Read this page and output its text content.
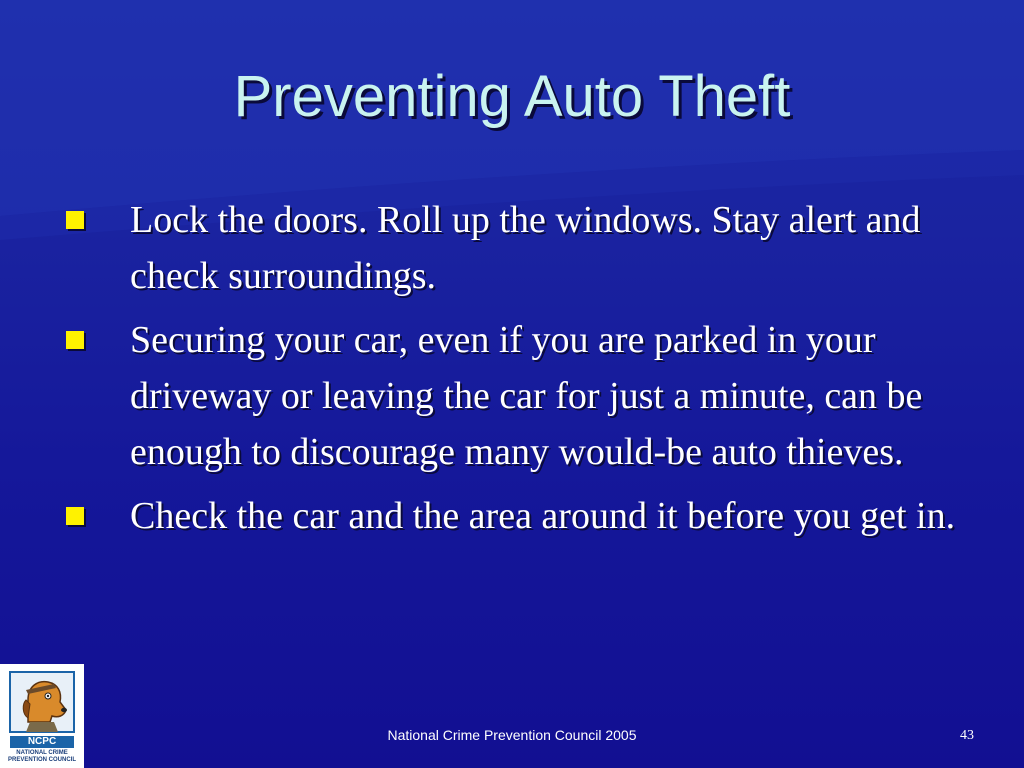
Preventing Auto Theft
Lock the doors. Roll up the windows. Stay alert and check surroundings.
Securing your car, even if you are parked in your driveway or leaving the car for just a minute, can be enough to discourage many would-be auto thieves.
Check the car and the area around it before you get in.
NCPC
NATIONAL CRIME
PREVENTION COUNCIL
National Crime Prevention Council 2005	43
